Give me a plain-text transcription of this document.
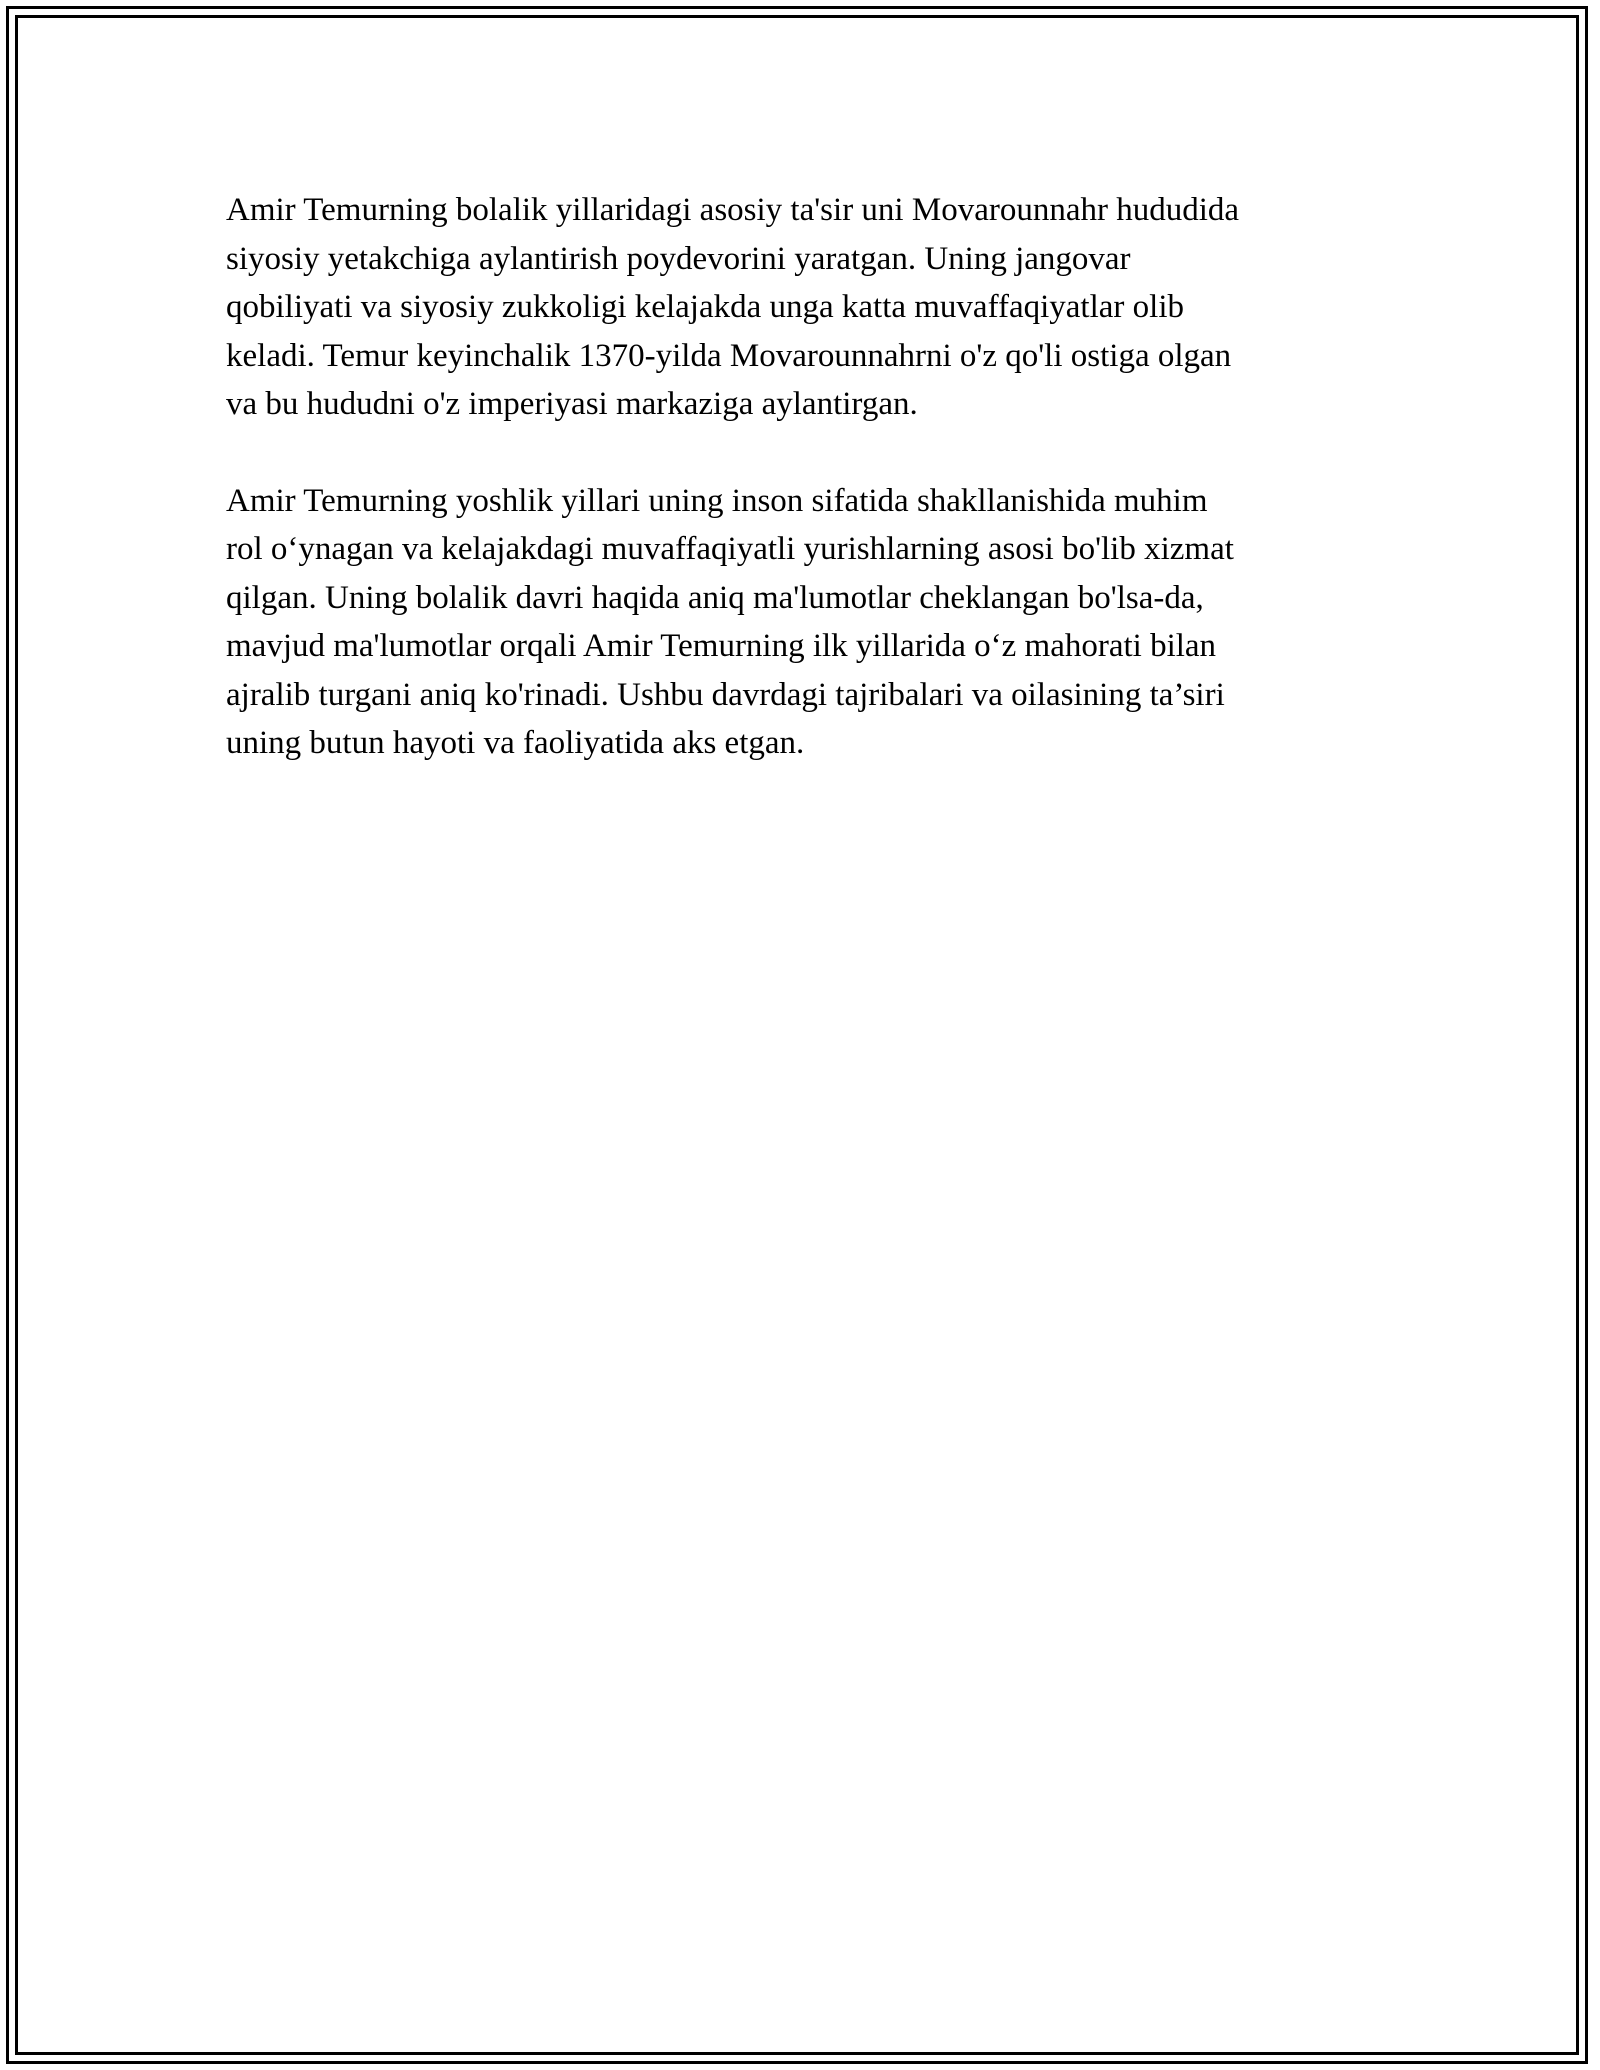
Amir Temurning bolalik yillaridagi asosiy ta'sir uni Movarounnahr hududida
siyosiy yetakchiga aylantirish poydevorini yaratgan. Uning jangovar
qobiliyati va siyosiy zukkoligi kelajakda unga katta muvaffaqiyatlar olib
keladi. Temur keyinchalik 1370-yilda Movarounnahrni o'z qo'li ostiga olgan
va bu hududni o'z imperiyasi markaziga aylantirgan.

Amir Temurning yoshlik yillari uning inson sifatida shakllanishida muhim
rol o‘ynagan va kelajakdagi muvaffaqiyatli yurishlarning asosi bo'lib xizmat
qilgan. Uning bolalik davri haqida aniq ma'lumotlar cheklangan bo'lsa-da,
mavjud ma'lumotlar orqali Amir Temurning ilk yillarida o‘z mahorati bilan
ajralib turgani aniq ko'rinadi. Ushbu davrdagi tajribalari va oilasining ta’siri
uning butun hayoti va faoliyatida aks etgan.
